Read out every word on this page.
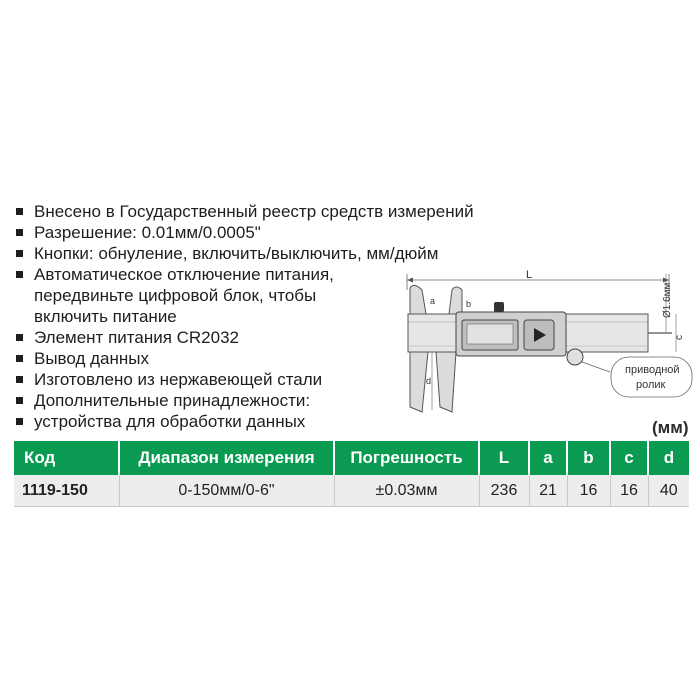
Внесено в Государственный реестр средств измерений
Разрешение: 0.01мм/0.0005"
Кнопки: обнуление, включить/выключить, мм/дюйм
Автоматическое отключение питания,
передвиньте цифровой блок, чтобы
включить питание
Элемент питания CR2032
Вывод данных
Изготовлено из нержавеющей стали
Дополнительные принадлежности:
устройства для обработки данных
L
a	b
d
приводной
ролик
Ø1.6мм
c
(мм)
Код	Диапазон измерения	Погрешность	L	a	b	c	d
1119-150	0-150мм/0-6"	±0.03мм	236	21	16	16	40
